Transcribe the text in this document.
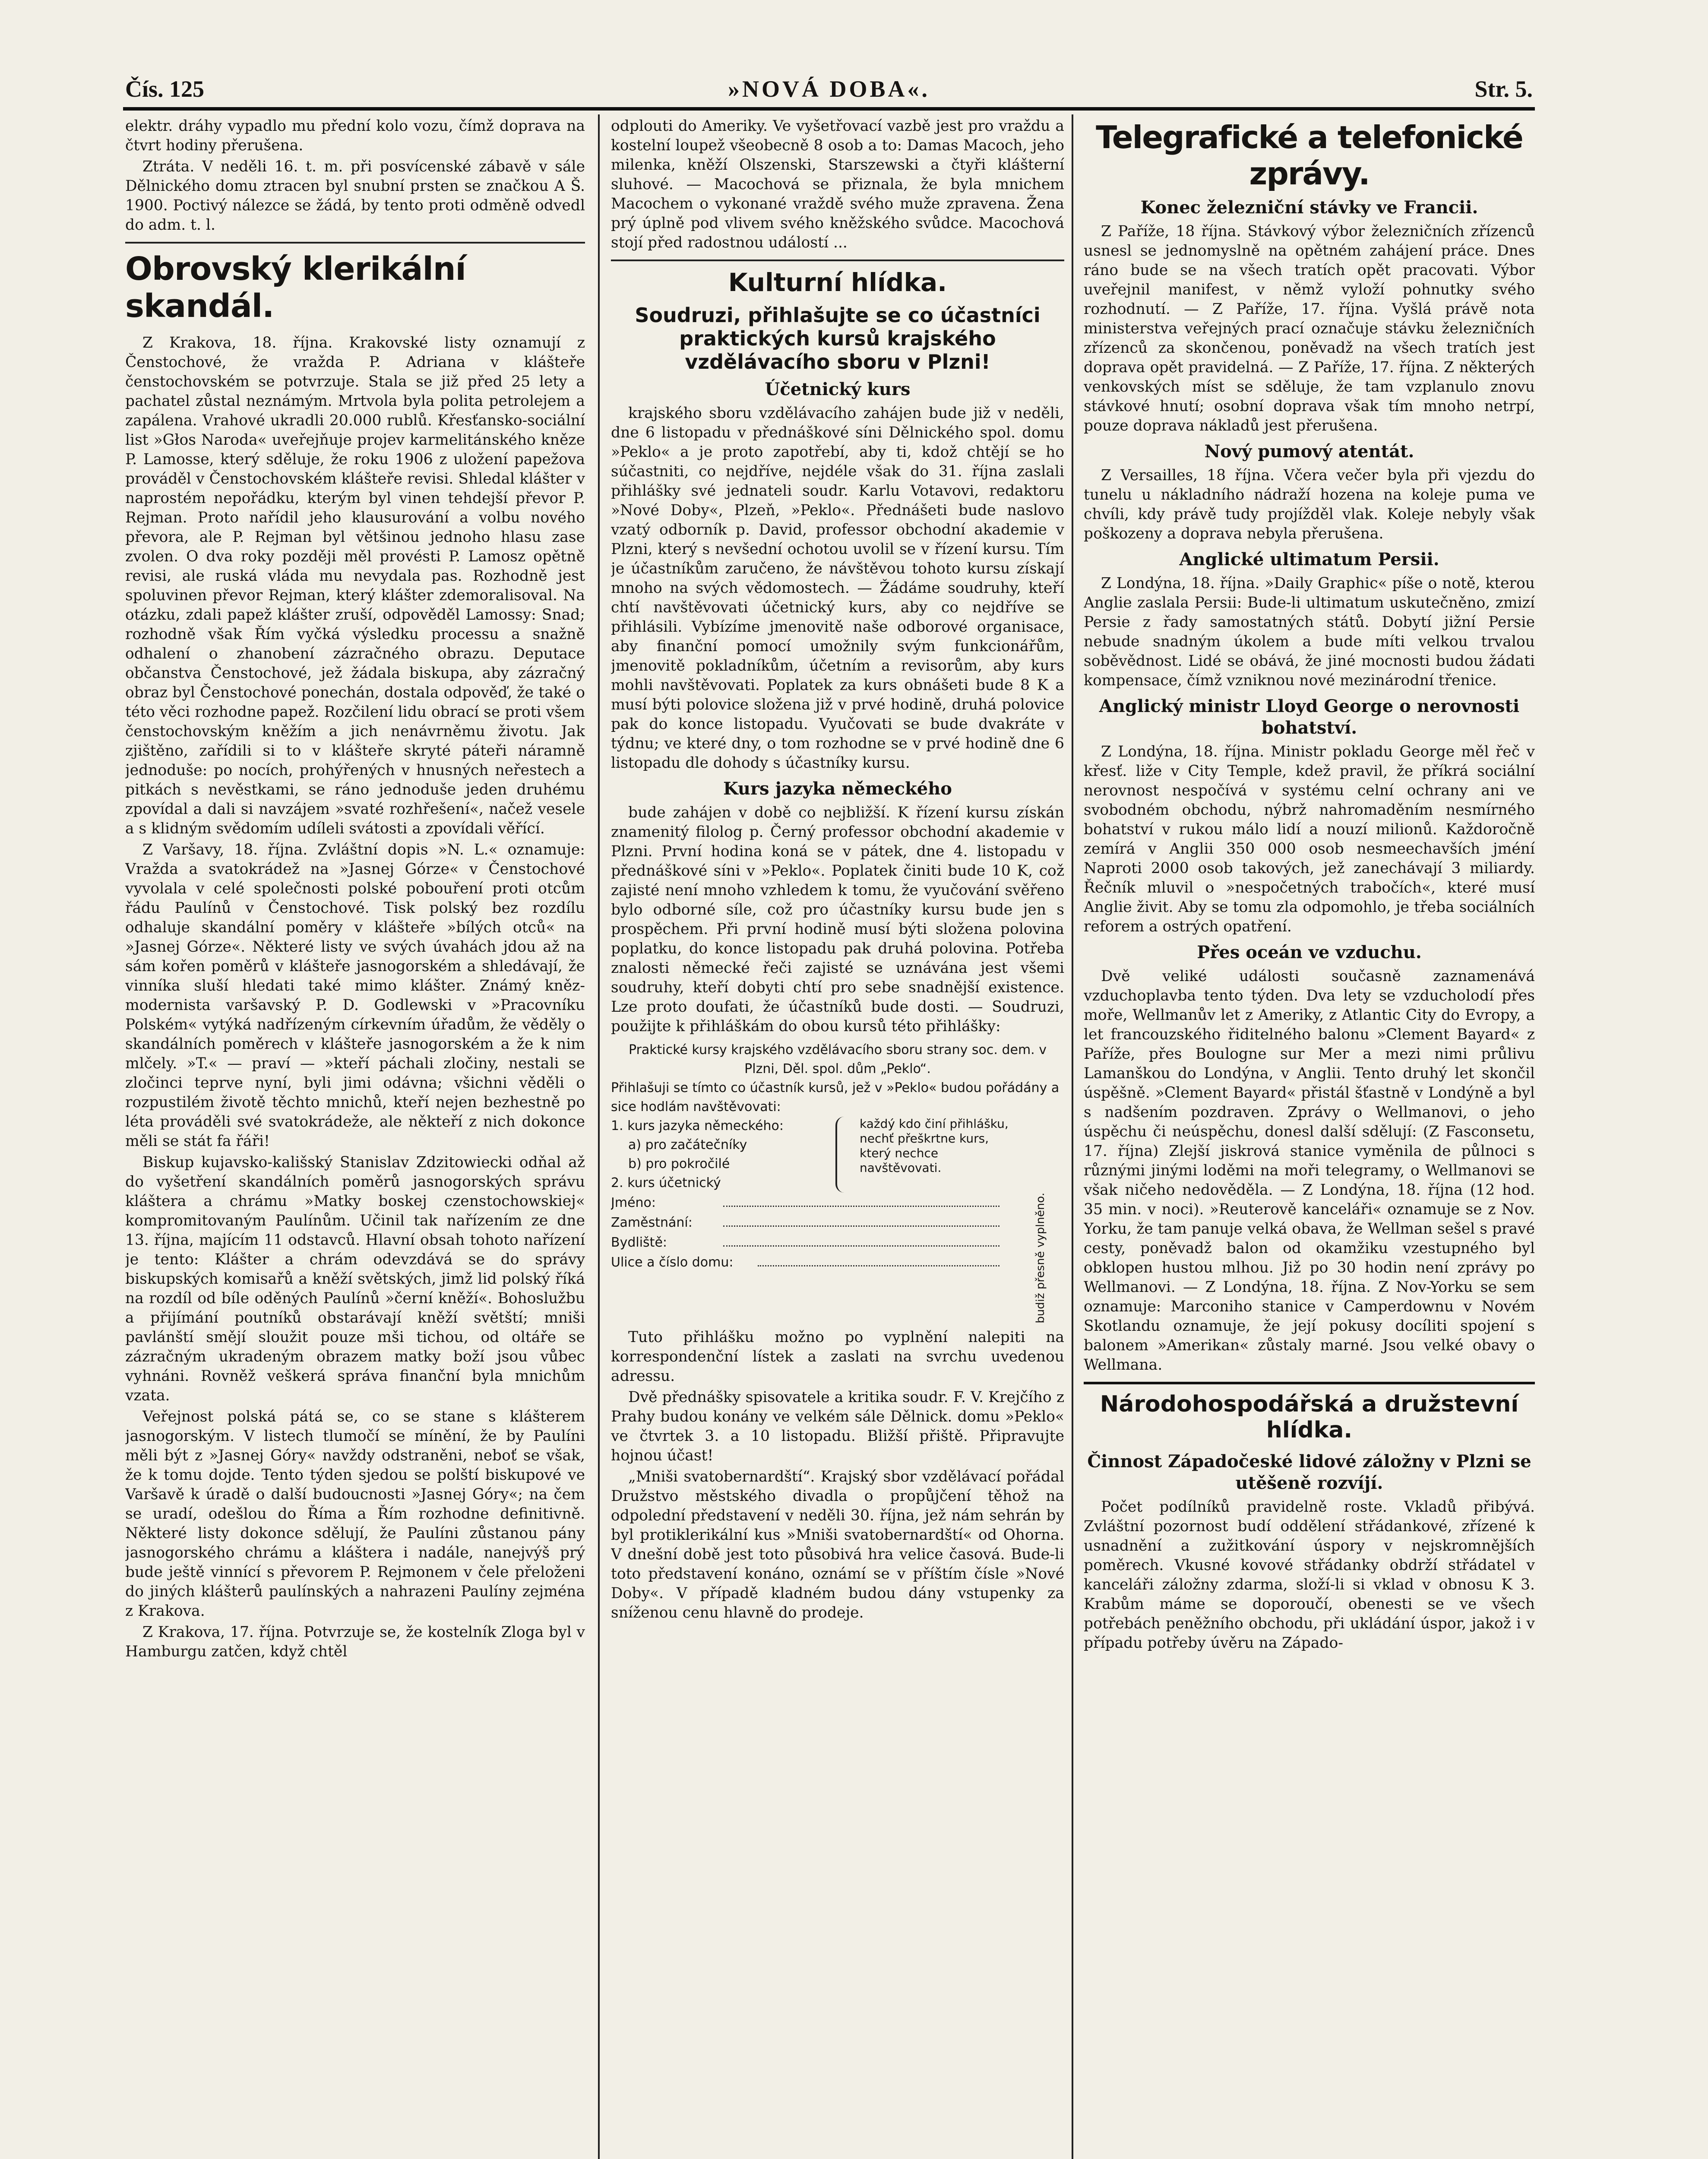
Čís. 125	»NOVÁ DOBA«.	Str. 5.

elektr. dráhy vypadlo mu přední kolo vozu, čímž doprava na čtvrt hodiny přerušena.

Ztráta. V neděli 16. t. m. při posvícenské zábavě v sále Dělnického domu ztracen byl snubní prsten se značkou A Š. 1900. Poctivý nálezce se žádá, by tento proti odměně odvedl do adm. t. l.

Obrovský klerikální skandál.

Z Krakova, 18. října. Krakovské listy oznamují z Čenstochové, že vražda P. Adriana v klášteře čenstochovském se potvrzuje. Stala se již před 25 lety a pachatel zůstal neznámým. Mrtvola byla polita petrolejem a zapálena. Vrahové ukradli 20.000 rublů. Křesťansko-sociální list »Głos Naroda« uveřejňuje projev karmelitánského kněze P. Lamosse, který sděluje, že roku 1906 z uložení papežova prováděl v Čenstochovském klášteře revisi. Shledal klášter v naprostém nepořádku, kterým byl vinen tehdejší převor P. Rejman. Proto nařídil jeho klausurování a volbu nového převora, ale P. Rejman byl většinou jednoho hlasu zase zvolen. O dva roky později měl provésti P. Lamosz opětně revisi, ale ruská vláda mu nevydala pas. Rozhodně jest spoluvinen převor Rejman, který klášter zdemoralisoval. Na otázku, zdali papež klášter zruší, odpověděl Lamossy: Snad; rozhodně však Řím vyčká výsledku processu a snažně odhalení o zhanobení zázračného obrazu. Deputace občanstva Čenstochové, jež žádala biskupa, aby zázračný obraz byl Čenstochové ponechán, dostala odpověď, že také o této věci rozhodne papež. Rozčilení lidu obrací se proti všem čenstochovským kněžím a jich nenávrněmu životu. Jak zjištěno, zařídili si to v klášteře skryté páteři náramně jednoduše: po nocích, prohýřených v hnusných neřestech a pitkách s nevěstkami, se ráno jednoduše jeden druhému zpovídal a dali si navzájem »svaté rozhřešení«, načež vesele a s klidným svědomím udíleli svátosti a zpovídali věřící.

Z Varšavy, 18. října. Zvláštní dopis »N. L.« oznamuje: Vražda a svatokrádež na »Jasnej Górze« v Čenstochové vyvolala v celé společnosti polské pobouření proti otcům řádu Paulínů v Čenstochové. Tisk polský bez rozdílu odhaluje skandální poměry v klášteře »bílých otců« na »Jasnej Górze«. Některé listy ve svých úvahách jdou až na sám kořen poměrů v klášteře jasnogorském a shledávají, že vinníka sluší hledati také mimo klášter. Známý kněz-modernista varšavský P. D. Godlewski v »Pracovníku Polském« vytýká nadřízeným církevním úřadům, že věděly o skandálních poměrech v klášteře jasnogorském a že k nim mlčely. »T.« — praví — »kteří páchali zločiny, nestali se zločinci teprve nyní, byli jimi odávna; všichni věděli o rozpustilém životě těchto mnichů, kteří nejen bezhestně po léta prováděli své svatokrádeže, ale někteří z nich dokonce měli se stát fa řáři!

Biskup kujavsko-kališský Stanislav Zdzitowiecki odňal až do vyšetření skandálních poměrů jasnogorských správu kláštera a chrámu »Matky boskej czenstochowskiej« kompromitovaným Paulínům. Učinil tak nařízením ze dne 13. října, majícím 11 odstavců. Hlavní obsah tohoto nařízení je tento: Klášter a chrám odevzdává se do správy biskupských komisařů a kněží světských, jimž lid polský říká na rozdíl od bíle oděných Paulínů »černí kněží«. Bohoslužbu a přijímání poutníků obstarávají kněží světští; mniši pavlánští smějí sloužit pouze mši tichou, od oltáře se zázračným ukradeným obrazem matky boží jsou vůbec vyhnáni. Rovněž veškerá správa finanční byla mnichům vzata.

Veřejnost polská pátá se, co se stane s klášterem jasnogorským. V listech tlumočí se mínění, že by Paulíni měli být z »Jasnej Góry« navždy odstraněni, neboť se však, že k tomu dojde. Tento týden sjedou se polští biskupové ve Varšavě k úradě o další budoucnosti »Jasnej Góry«; na čem se uradí, odešlou do Říma a Řím rozhodne definitivně. Některé listy dokonce sdělují, že Paulíni zůstanou pány jasnogorského chrámu a kláštera i nadále, nanejvýš prý bude ještě vinnící s převorem P. Rejmonem v čele přeloženi do jiných klášterů paulínských a nahrazeni Paulíny zejména z Krakova.

Z Krakova, 17. října. Potvrzuje se, že kostelník Zloga byl v Hamburgu zatčen, když chtěl

odplouti do Ameriky. Ve vyšetřovací vazbě jest pro vraždu a kostelní loupež všeobecně 8 osob a to: Damas Macoch, jeho milenka, kněží Olszenski, Starszewski a čtyři klášterní sluhové. — Macochová se přiznala, že byla mnichem Macochem o vykonané vraždě svého muže zpravena. Žena prý úplně pod vlivem svého kněžského svůdce. Macochová stojí před radostnou událostí ...

Kulturní hlídka.
Soudruzi, přihlašujte se co účastníci praktických kursů krajského vzdělávacího sboru v Plzni!
Účetnický kurs

krajského sboru vzdělávacího zahájen bude již v neděli, dne 6 listopadu v přednáškové síni Dělnického spol. domu »Peklo« a je proto zapotřebí, aby ti, kdož chtějí se ho súčastniti, co nejdříve, nejdéle však do 31. října zaslali přihlášky své jednateli soudr. Karlu Votavovi, redaktoru »Nové Doby«, Plzeň, »Peklo«. Přednášeti bude naslovo vzatý odborník p. David, professor obchodní akademie v Plzni, který s nevšední ochotou uvolil se v řízení kursu. Tím je účastníkům zaručeno, že návštěvou tohoto kursu získají mnoho na svých vědomostech. — Žádáme soudruhy, kteří chtí navštěvovati účetnický kurs, aby co nejdříve se přihlásili. Vybízíme jmenovitě naše odborové organisace, aby finanční pomocí umožnily svým funkcionářům, jmenovitě pokladníkům, účetním a revisorům, aby kurs mohli navštěvovati. Poplatek za kurs obnášeti bude 8 K a musí býti polovice složena již v prvé hodině, druhá polovice pak do konce listopadu. Vyučovati se bude dvakráte v týdnu; ve které dny, o tom rozhodne se v prvé hodině dne 6 listopadu dle dohody s účastníky kursu.

Kurs jazyka německého

bude zahájen v době co nejbližší. K řízení kursu získán znamenitý filolog p. Černý professor obchodní akademie v Plzni. První hodina koná se v pátek, dne 4. listopadu v přednáškové síni v »Peklo«. Poplatek činiti bude 10 K, což zajisté není mnoho vzhledem k tomu, že vyučování svěřeno bylo odborné síle, což pro účastníky kursu bude jen s prospěchem. Při první hodině musí býti složena polovina poplatku, do konce listopadu pak druhá polovina. Potřeba znalosti německé řeči zajisté se uznávána jest všemi soudruhy, kteří dobyti chtí pro sebe snadnější existence. Lze proto doufati, že účastníků bude dosti. — Soudruzi, použijte k přihláškám do obou kursů této přihlášky:

Praktické kursy krajského vzdělávacího sboru strany soc. dem. v Plzni, Děl. spol. dům „Peklo“.
Přihlašuji se tímto co účastník kursů, jež v »Peklo« budou pořádány a sice hodlám navštěvovati:
1. kurs jazyka německého:
a) pro začátečníky
b) pro pokročilé
2. kurs účetnický
každý kdo činí přihlášku, nechť přeškrtne kurs, který nechce navštěvovati.
Jméno:
Zaměstnání:
Bydliště:
Ulice a číslo domu:	budiž přesně vyplněno.

Tuto přihlášku možno po vyplnění nalepiti na korrespondenční lístek a zaslati na svrchu uvedenou adressu.

Dvě přednášky spisovatele a kritika soudr. F. V. Krejčího z Prahy budou konány ve velkém sále Dělnick. domu »Peklo« ve čtvrtek 3. a 10 listopadu. Bližší přiště. Připravujte hojnou účast!

„Mniši svatobernardští“. Krajský sbor vzdělávací pořádal Družstvo městského divadla o propůjčení těhož na odpolední představení v neděli 30. října, jež nám sehrán by byl protiklerikální kus »Mniši svatobernardští« od Ohorna. V dnešní době jest toto působivá hra velice časová. Bude-li toto představení konáno, oznámí se v příštím čísle »Nové Doby«. V případě kladném budou dány vstupenky za sníženou cenu hlavně do prodeje.

Telegrafické a telefonické zprávy.
Konec železniční stávky ve Francii.

Z Paříže, 18 října. Stávkový výbor železničních zřízenců usnesl se jednomyslně na opětném zahájení práce. Dnes ráno bude se na všech tratích opět pracovati. Výbor uveřejnil manifest, v němž vyloží pohnutky svého rozhodnutí. — Z Paříže, 17. října. Vyšlá právě nota ministerstva veřejných prací označuje stávku železničních zřízenců za skončenou, poněvadž na všech tratích jest doprava opět pravidelná. — Z Paříže, 17. října. Z některých venkovských míst se sděluje, že tam vzplanulo znovu stávkové hnutí; osobní doprava však tím mnoho netrpí, pouze doprava nákladů jest přerušena.

Nový pumový atentát.

Z Versailles, 18 října. Včera večer byla při vjezdu do tunelu u nákladního nádraží hozena na koleje puma ve chvíli, kdy právě tudy projížděl vlak. Koleje nebyly však poškozeny a doprava nebyla přerušena.

Anglické ultimatum Persii.

Z Londýna, 18. října. »Daily Graphic« píše o notě, kterou Anglie zaslala Persii: Bude-li ultimatum uskutečněno, zmizí Persie z řady samostatných států. Dobytí jižní Persie nebude snadným úkolem a bude míti velkou trvalou soběvědnost. Lidé se obává, že jiné mocnosti budou žádati kompensace, čímž vzniknou nové mezinárodní třenice.

Anglický ministr Lloyd George o nerovnosti bohatství.

Z Londýna, 18. října. Ministr pokladu George měl řeč v křesť. liže v City Temple, kdež pravil, že příkrá sociální nerovnost nespočívá v systému celní ochrany ani ve svobodném obchodu, nýbrž nahromaděním nesmírného bohatství v rukou málo lidí a nouzí milionů. Každoročně zemírá v Anglii 350 000 osob nesmeechavších jméní Naproti 2000 osob takových, jež zanechávají 3 miliardy. Řečník mluvil o »nespočetných trabočích«, které musí Anglie živit. Aby se tomu zla odpomohlo, je třeba sociálních reforem a ostrých opatření.

Přes oceán ve vzduchu.

Dvě veliké události současně zaznamenává vzduchoplavba tento týden. Dva lety se vzducholodí přes moře, Wellmanův let z Ameriky, z Atlantic City do Evropy, a let francouzského řiditelného balonu »Clement Bayard« z Paříže, přes Boulogne sur Mer a mezi nimi průlivu Lamanškou do Londýna, v Anglii. Tento druhý let skončil úspěšně. »Clement Bayard« přistál šťastně v Londýně a byl s nadšením pozdraven. Zprávy o Wellmanovi, o jeho úspěchu či neúspěchu, donesl další sdělují: (Z Fasconsetu, 17. října) Zlejší jiskrová stanice vyměnila de půlnoci s různými jinými loděmi na moři telegramy, o Wellmanovi se však ničeho nedověděla. — Z Londýna, 18. října (12 hod. 35 min. v noci). »Reuterově kanceláři« oznamuje se z Nov. Yorku, že tam panuje velká obava, že Wellman sešel s pravé cesty, poněvadž balon od okamžiku vzestupného byl obklopen hustou mlhou. Již po 30 hodin není zprávy po Wellmanovi. — Z Londýna, 18. října. Z Nov-Yorku se sem oznamuje: Marconiho stanice v Camperdownu v Novém Skotlandu oznamuje, že její pokusy docíliti spojení s balonem »Amerikan« zůstaly marné. Jsou velké obavy o Wellmana.

Národohospodářská a družstevní hlídka.
Činnost Západočeské lidové záložny v Plzni se utěšeně rozvíjí.

Počet podílníků pravidelně roste. Vkladů přibývá. Zvláštní pozornost budí oddělení střádankové, zřízené k usnadnění a zužitkování úspory v nejskromnějších poměrech. Vkusné kovové střádanky obdrží střádatel v kanceláři záložny zdarma, složí-li si vklad v obnosu K 3. Krabům máme se doporoučí, obenesti se ve všech potřebách peněžního obchodu, při ukládání úspor, jakož i v případu potřeby úvěru na Západo-
